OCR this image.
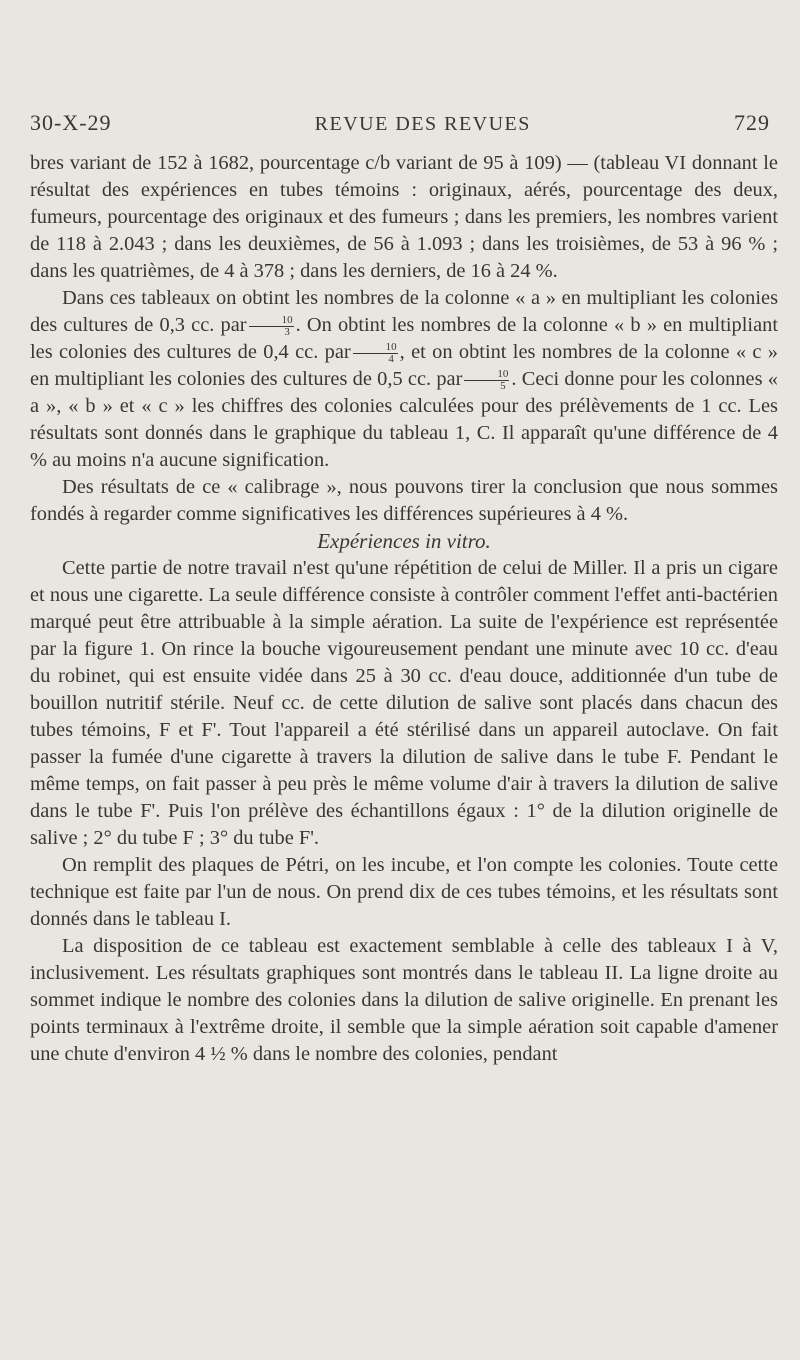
30-X-29	REVUE DES REVUES	729

bres variant de 152 à 1682, pourcentage c/b variant de 95 à 109) — (tableau VI donnant le résultat des expériences en tubes témoins : originaux, aérés, pourcentage des deux, fumeurs, pourcentage des originaux et des fumeurs ; dans les premiers, les nombres varient de 118 à 2.043 ; dans les deuxièmes, de 56 à 1.093 ; dans les troisièmes, de 53 à 96 % ; dans les quatrièmes, de 4 à 378 ; dans les derniers, de 16 à 24 %.

Dans ces tableaux on obtint les nombres de la colonne « a » en multipliant les colonies des cultures de 0,3 cc. par $\frac{10}{3}$ . On obtint les nombres de la colonne « b » en multipliant les colonies des cultures de 0,4 cc. par $\frac{10}{4}$ , et on obtint les nombres de la colonne « c » en multipliant les colonies des cultures de 0,5 cc. par $\frac{10}{5}$ . Ceci donne pour les colonnes « a », « b » et « c » les chiffres des colonies calculées pour des prélèvements de 1 cc. Les résultats sont donnés dans le graphique du tableau 1, C. Il apparaît qu'une différence de 4 % au moins n'a aucune signification.

Des résultats de ce « calibrage », nous pouvons tirer la conclusion que nous sommes fondés à regarder comme significatives les différences supérieures à 4 %.

Expériences in vitro.

Cette partie de notre travail n'est qu'une répétition de celui de Miller. Il a pris un cigare et nous une cigarette. La seule différence consiste à contrôler comment l'effet anti-bactérien marqué peut être attribuable à la simple aération. La suite de l'expérience est représentée par la figure 1. On rince la bouche vigoureusement pendant une minute avec 10 cc. d'eau du robinet, qui est ensuite vidée dans 25 à 30 cc. d'eau douce, additionnée d'un tube de bouillon nutritif stérile. Neuf cc. de cette dilution de salive sont placés dans chacun des tubes témoins, F et F'. Tout l'appareil a été stérilisé dans un appareil autoclave. On fait passer la fumée d'une cigarette à travers la dilution de salive dans le tube F. Pendant le même temps, on fait passer à peu près le même volume d'air à travers la dilution de salive dans le tube F'. Puis l'on prélève des échantillons égaux : 1° de la dilution originelle de salive ; 2° du tube F ; 3° du tube F'.

On remplit des plaques de Pétri, on les incube, et l'on compte les colonies. Toute cette technique est faite par l'un de nous. On prend dix de ces tubes témoins, et les résultats sont donnés dans le tableau I.

La disposition de ce tableau est exactement semblable à celle des tableaux I à V, inclusivement. Les résultats graphiques sont montrés dans le tableau II. La ligne droite au sommet indique le nombre des colonies dans la dilution de salive originelle. En prenant les points terminaux à l'extrême droite, il semble que la simple aération soit capable d'amener une chute d'environ 4 ½ % dans le nombre des colonies, pendant
